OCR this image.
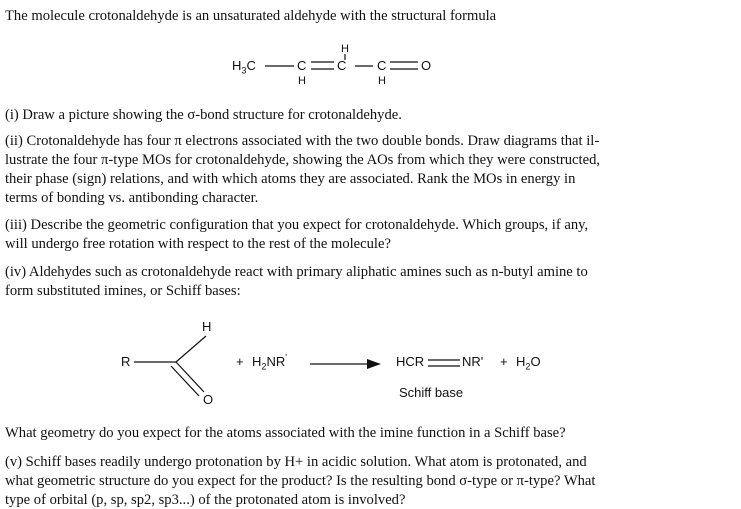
The molecule crotonaldehyde is an unsaturated aldehyde with the structural formula

(i) Draw a picture showing the σ-bond structure for crotonaldehyde.

(ii) Crotonaldehyde has four π electrons associated with the two double bonds. Draw diagrams that il-

lustrate the four π-type MOs for crotonaldehyde, showing the AOs from which they were constructed,

their phase (sign) relations, and with which atoms they are associated. Rank the MOs in energy in

terms of bonding vs. antibonding character.

(iii) Describe the geometric configuration that you expect for crotonaldehyde. Which groups, if any,

will undergo free rotation with respect to the rest of the molecule?

(iv) Aldehydes such as crotonaldehyde react with primary aliphatic amines such as n-butyl amine to

form substituted imines, or Schiff bases:

What geometry do you expect for the atoms associated with the imine function in a Schiff base?

(v) Schiff bases readily undergo protonation by H+ in acidic solution. What atom is protonated, and

what geometric structure do you expect for the product? Is the resulting bond σ-type or π-type? What

type of orbital (p, sp, sp2, sp3...) of the protonated atom is involved?

$H_3C$	C
H
H
C C
H
O
R
H
O
+ $H_2NR'$	HCR	$NR' + H_2O$
Schiff base
